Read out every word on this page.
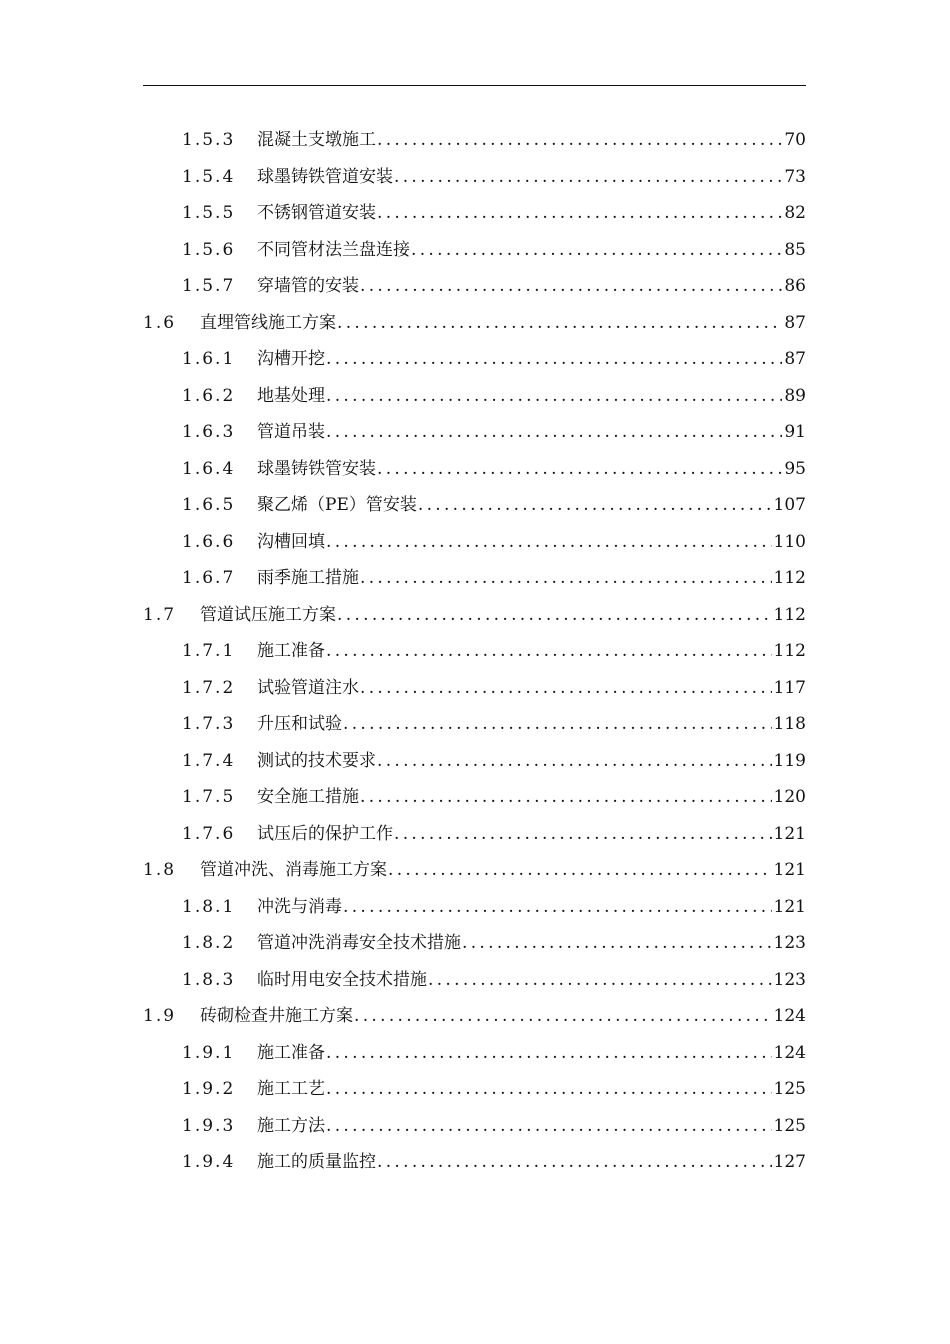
1.5.3	混凝土支墩施工 .....	70
1.5.4	球墨铸铁管道安装 .....	73
1.5.5	不锈钢管道安装 .....	82
1.5.6	不同管材法兰盘连接 .....	85
1.5.7	穿墙管的安装 .....	86
1.6	直埋管线施工方案 .....	87
1.6.1	沟槽开挖 .....	87
1.6.2	地基处理 .....	89
1.6.3	管道吊装 .....	91
1.6.4	球墨铸铁管安装 .....	95
1.6.5	聚乙烯（PE）管安装 .....	107
1.6.6	沟槽回填 .....	110
1.6.7	雨季施工措施 .....	112
1.7	管道试压施工方案 .....	112
1.7.1	施工准备 .....	112
1.7.2	试验管道注水 .....	117
1.7.3	升压和试验 .....	118
1.7.4	测试的技术要求 .....	119
1.7.5	安全施工措施 .....	120
1.7.6	试压后的保护工作 .....	121
1.8	管道冲洗、消毒施工方案 .....	121
1.8.1	冲洗与消毒 .....	121
1.8.2	管道冲洗消毒安全技术措施 .....	123
1.8.3	临时用电安全技术措施 .....	123
1.9	砖砌检查井施工方案 .....	124
1.9.1	施工准备 .....	124
1.9.2	施工工艺 .....	125
1.9.3	施工方法 .....	125
1.9.4	施工的质量监控 .....	127
